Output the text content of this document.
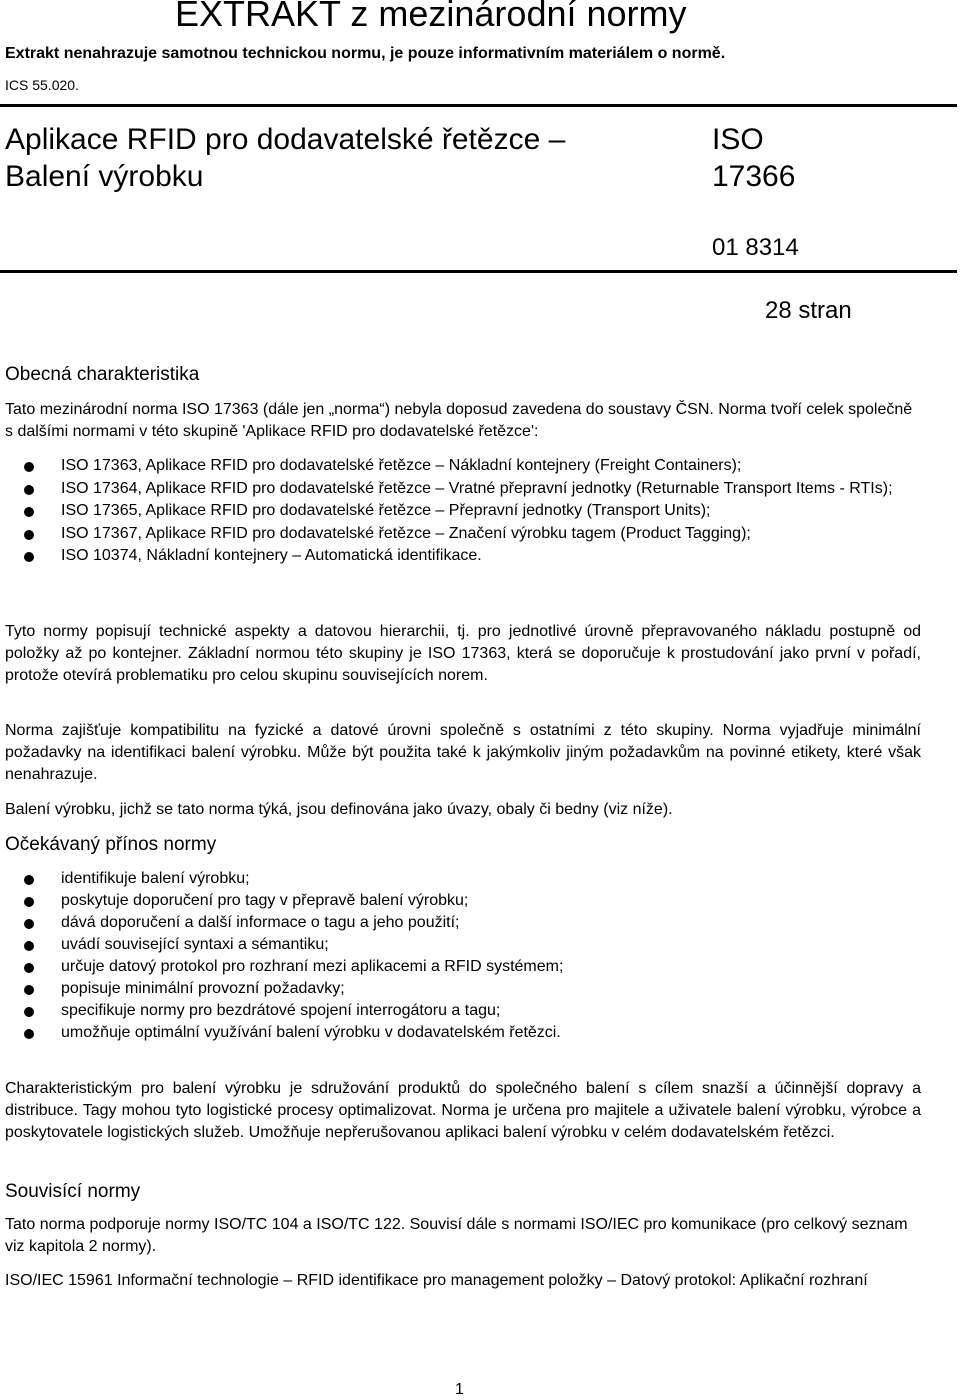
EXTRAKT z mezinárodní normy
Extrakt nenahrazuje samotnou technickou normu, je pouze informativním materiálem o normě.
ICS 55.020.
Aplikace RFID pro dodavatelské řetězce –
Balení výrobku
ISO
17366
01 8314
28 stran
Obecná charakteristika
Tato mezinárodní norma ISO 17363 (dále jen „norma“) nebyla doposud zavedena do soustavy ČSN. Norma tvoří celek společně s dalšími normami v této skupině 'Aplikace RFID pro dodavatelské řetězce':
ISO 17363, Aplikace RFID pro dodavatelské řetězce – Nákladní kontejnery (Freight Containers);
ISO 17364, Aplikace RFID pro dodavatelské řetězce – Vratné přepravní jednotky (Returnable Transport Items - RTIs);
ISO 17365, Aplikace RFID pro dodavatelské řetězce – Přepravní jednotky (Transport Units);
ISO 17367, Aplikace RFID pro dodavatelské řetězce – Značení výrobku tagem (Product Tagging);
ISO 10374, Nákladní kontejnery – Automatická identifikace.
Tyto normy popisují technické aspekty a datovou hierarchii, tj. pro jednotlivé úrovně přepravovaného nákladu postupně od položky až po kontejner. Základní normou této skupiny je ISO 17363, která se doporučuje k prostudování jako první v pořadí, protože otevírá problematiku pro celou skupinu souvisejících norem.
Norma zajišťuje kompatibilitu na fyzické a datové úrovni společně s ostatními z této skupiny. Norma vyjadřuje minimální požadavky na identifikaci balení výrobku. Může být použita také k jakýmkoliv jiným požadavkům na povinné etikety, které však nenahrazuje.
Balení výrobku, jichž se tato norma týká, jsou definována jako úvazy, obaly či bedny (viz níže).
Očekávaný přínos normy
identifikuje balení výrobku;
poskytuje doporučení pro tagy v přepravě balení výrobku;
dává doporučení a další informace o tagu a jeho použití;
uvádí související syntaxi a sémantiku;
určuje datový protokol pro rozhraní mezi aplikacemi a RFID systémem;
popisuje minimální provozní požadavky;
specifikuje normy pro bezdrátové spojení interrogátoru a tagu;
umožňuje optimální využívání balení výrobku v dodavatelském řetězci.
Charakteristickým pro balení výrobku je sdružování produktů do společného balení s cílem snazší a účinnější dopravy a distribuce. Tagy mohou tyto logistické procesy optimalizovat. Norma je určena pro majitele a uživatele balení výrobku, výrobce a poskytovatele logistických služeb. Umožňuje nepřerušovanou aplikaci balení výrobku v celém dodavatelském řetězci.
Souvisící normy
Tato norma podporuje normy ISO/TC 104 a ISO/TC 122. Souvisí dále s normami ISO/IEC pro komunikace (pro celkový seznam viz kapitola 2 normy).
ISO/IEC 15961 Informační technologie – RFID identifikace pro management položky – Datový protokol: Aplikační rozhraní
1
